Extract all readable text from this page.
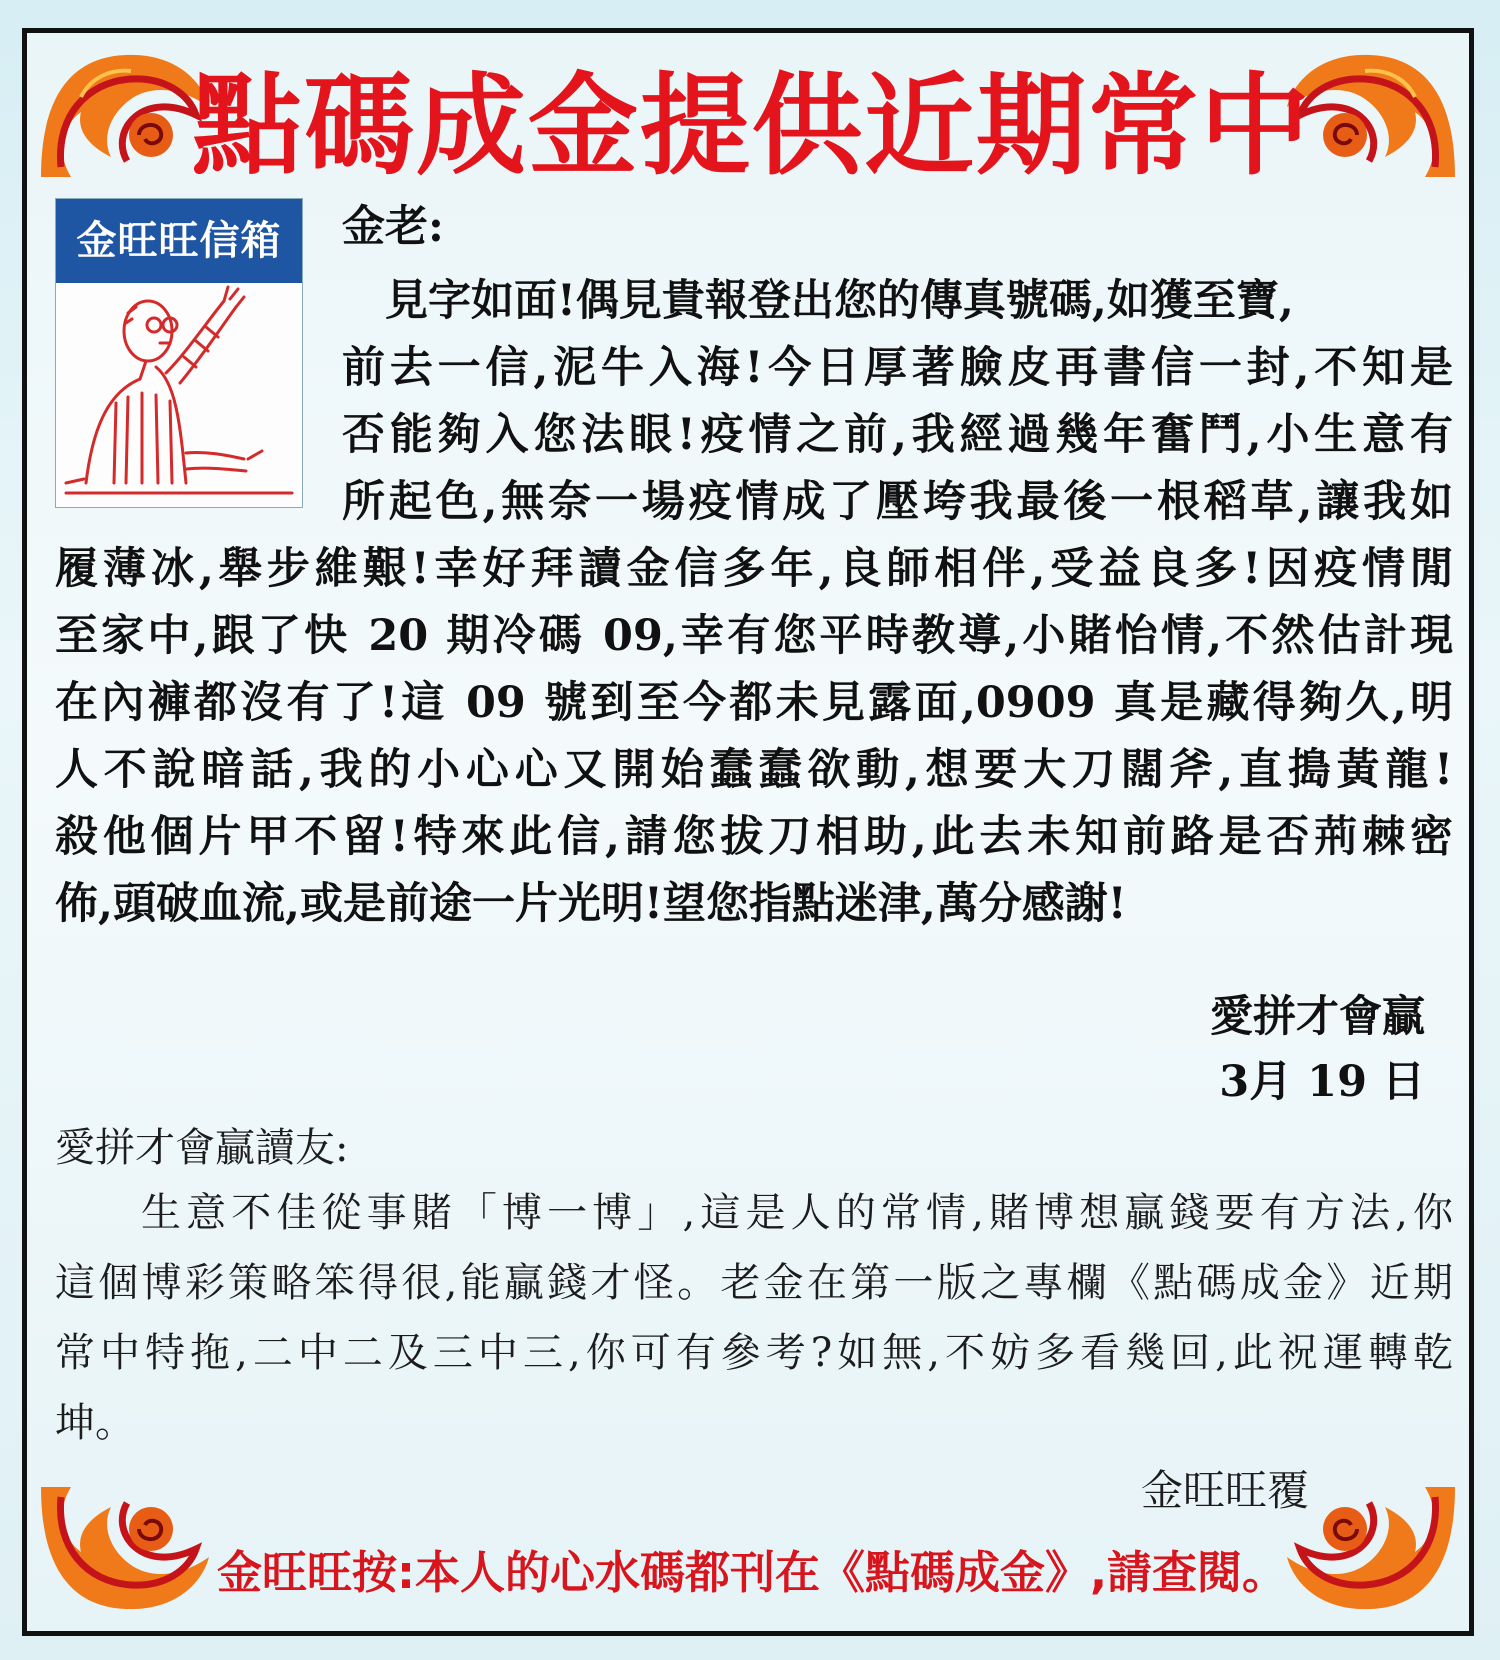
點碼成金提供近期常中
金旺旺信箱	金老:
見字如面!偶見貴報登出您的傳真號碼,如獲至寶,
前去一信,泥牛入海!今日厚著臉皮再書信一封,不知是
否能夠入您法眼!疫情之前,我經過幾年奮鬥,小生意有
所起色,無奈一場疫情成了壓垮我最後一根稻草,讓我如
履薄冰,舉步維艱!幸好拜讀金信多年,良師相伴,受益良多!因疫情閒
至家中,跟了快 20 期冷碼 09,幸有您平時教導,小賭怡情,不然估計現
在內褲都沒有了!這 09 號到至今都未見露面,0909 真是藏得夠久,明
人不說暗話,我的小心心又開始蠢蠢欲動,想要大刀闊斧,直搗黃龍!
殺他個片甲不留!特來此信,請您拔刀相助,此去未知前路是否荊棘密
佈,頭破血流,或是前途一片光明!望您指點迷津,萬分感謝!
愛拼才會贏
3月 19 日
愛拼才會贏讀友:
生意不佳從事賭「博一博」,這是人的常情,賭博想贏錢要有方法,你
這個博彩策略笨得很,能贏錢才怪。老金在第一版之專欄《點碼成金》近期
常中特拖,二中二及三中三,你可有參考?如無,不妨多看幾回,此祝運轉乾
坤。
金旺旺覆
金旺旺按:本人的心水碼都刊在《點碼成金》,請查閱。
